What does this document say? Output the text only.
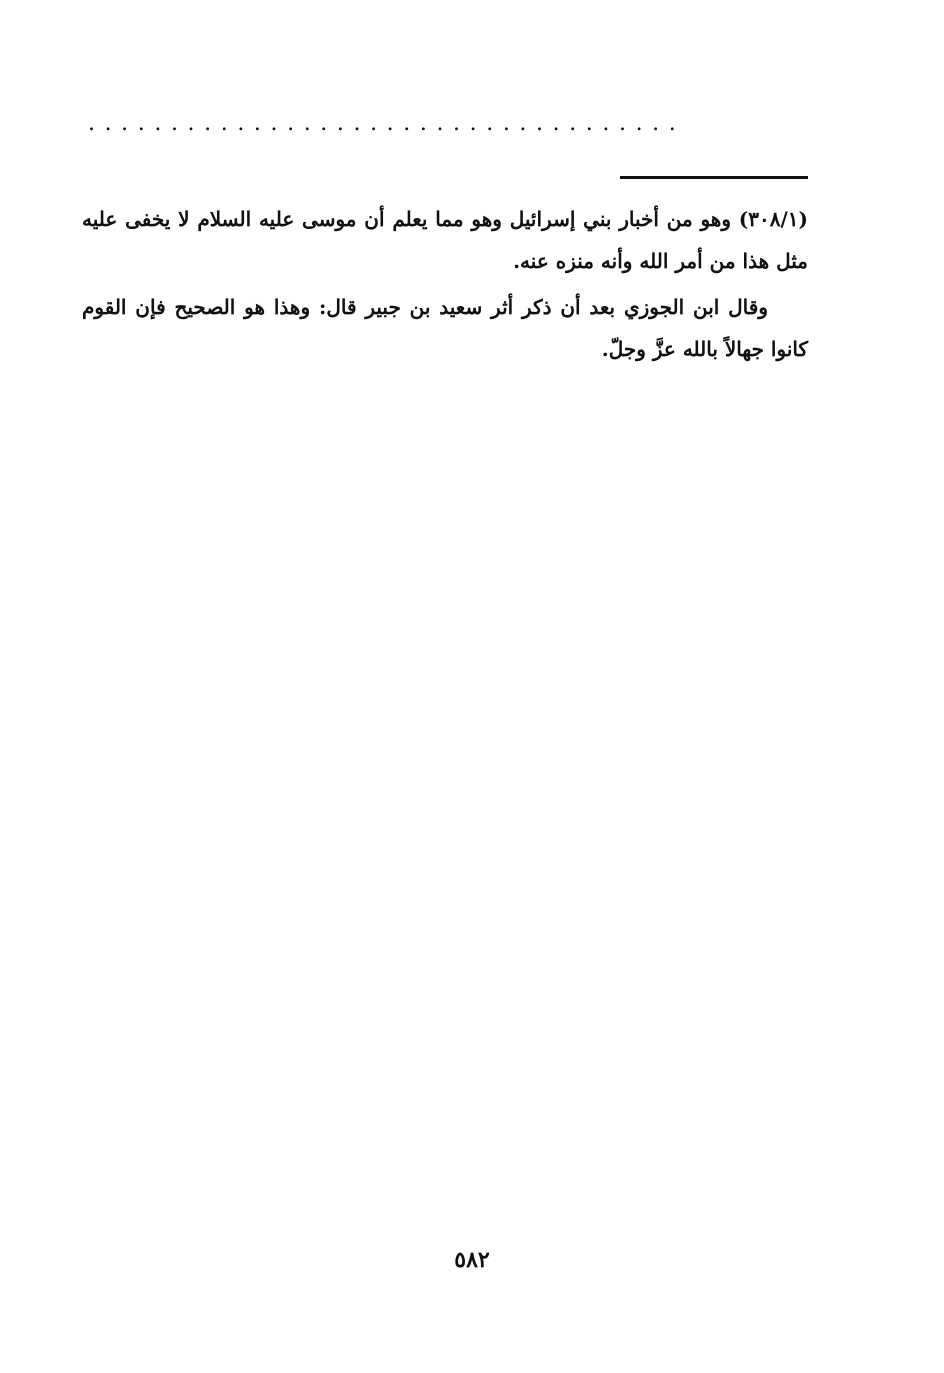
....................................

(٣٠٨/١) وهو من أخبار بني إسرائيل وهو مما يعلم أن موسى عليه السلام لا يخفى عليه مثل هذا من أمر الله وأنه منزه عنه.

وقال ابن الجوزي بعد أن ذكر أثر سعيد بن جبير قال: وهذا هو الصحيح فإن القوم كانوا جهالاً بالله عزَّ وجلّ.

٥٨٢
